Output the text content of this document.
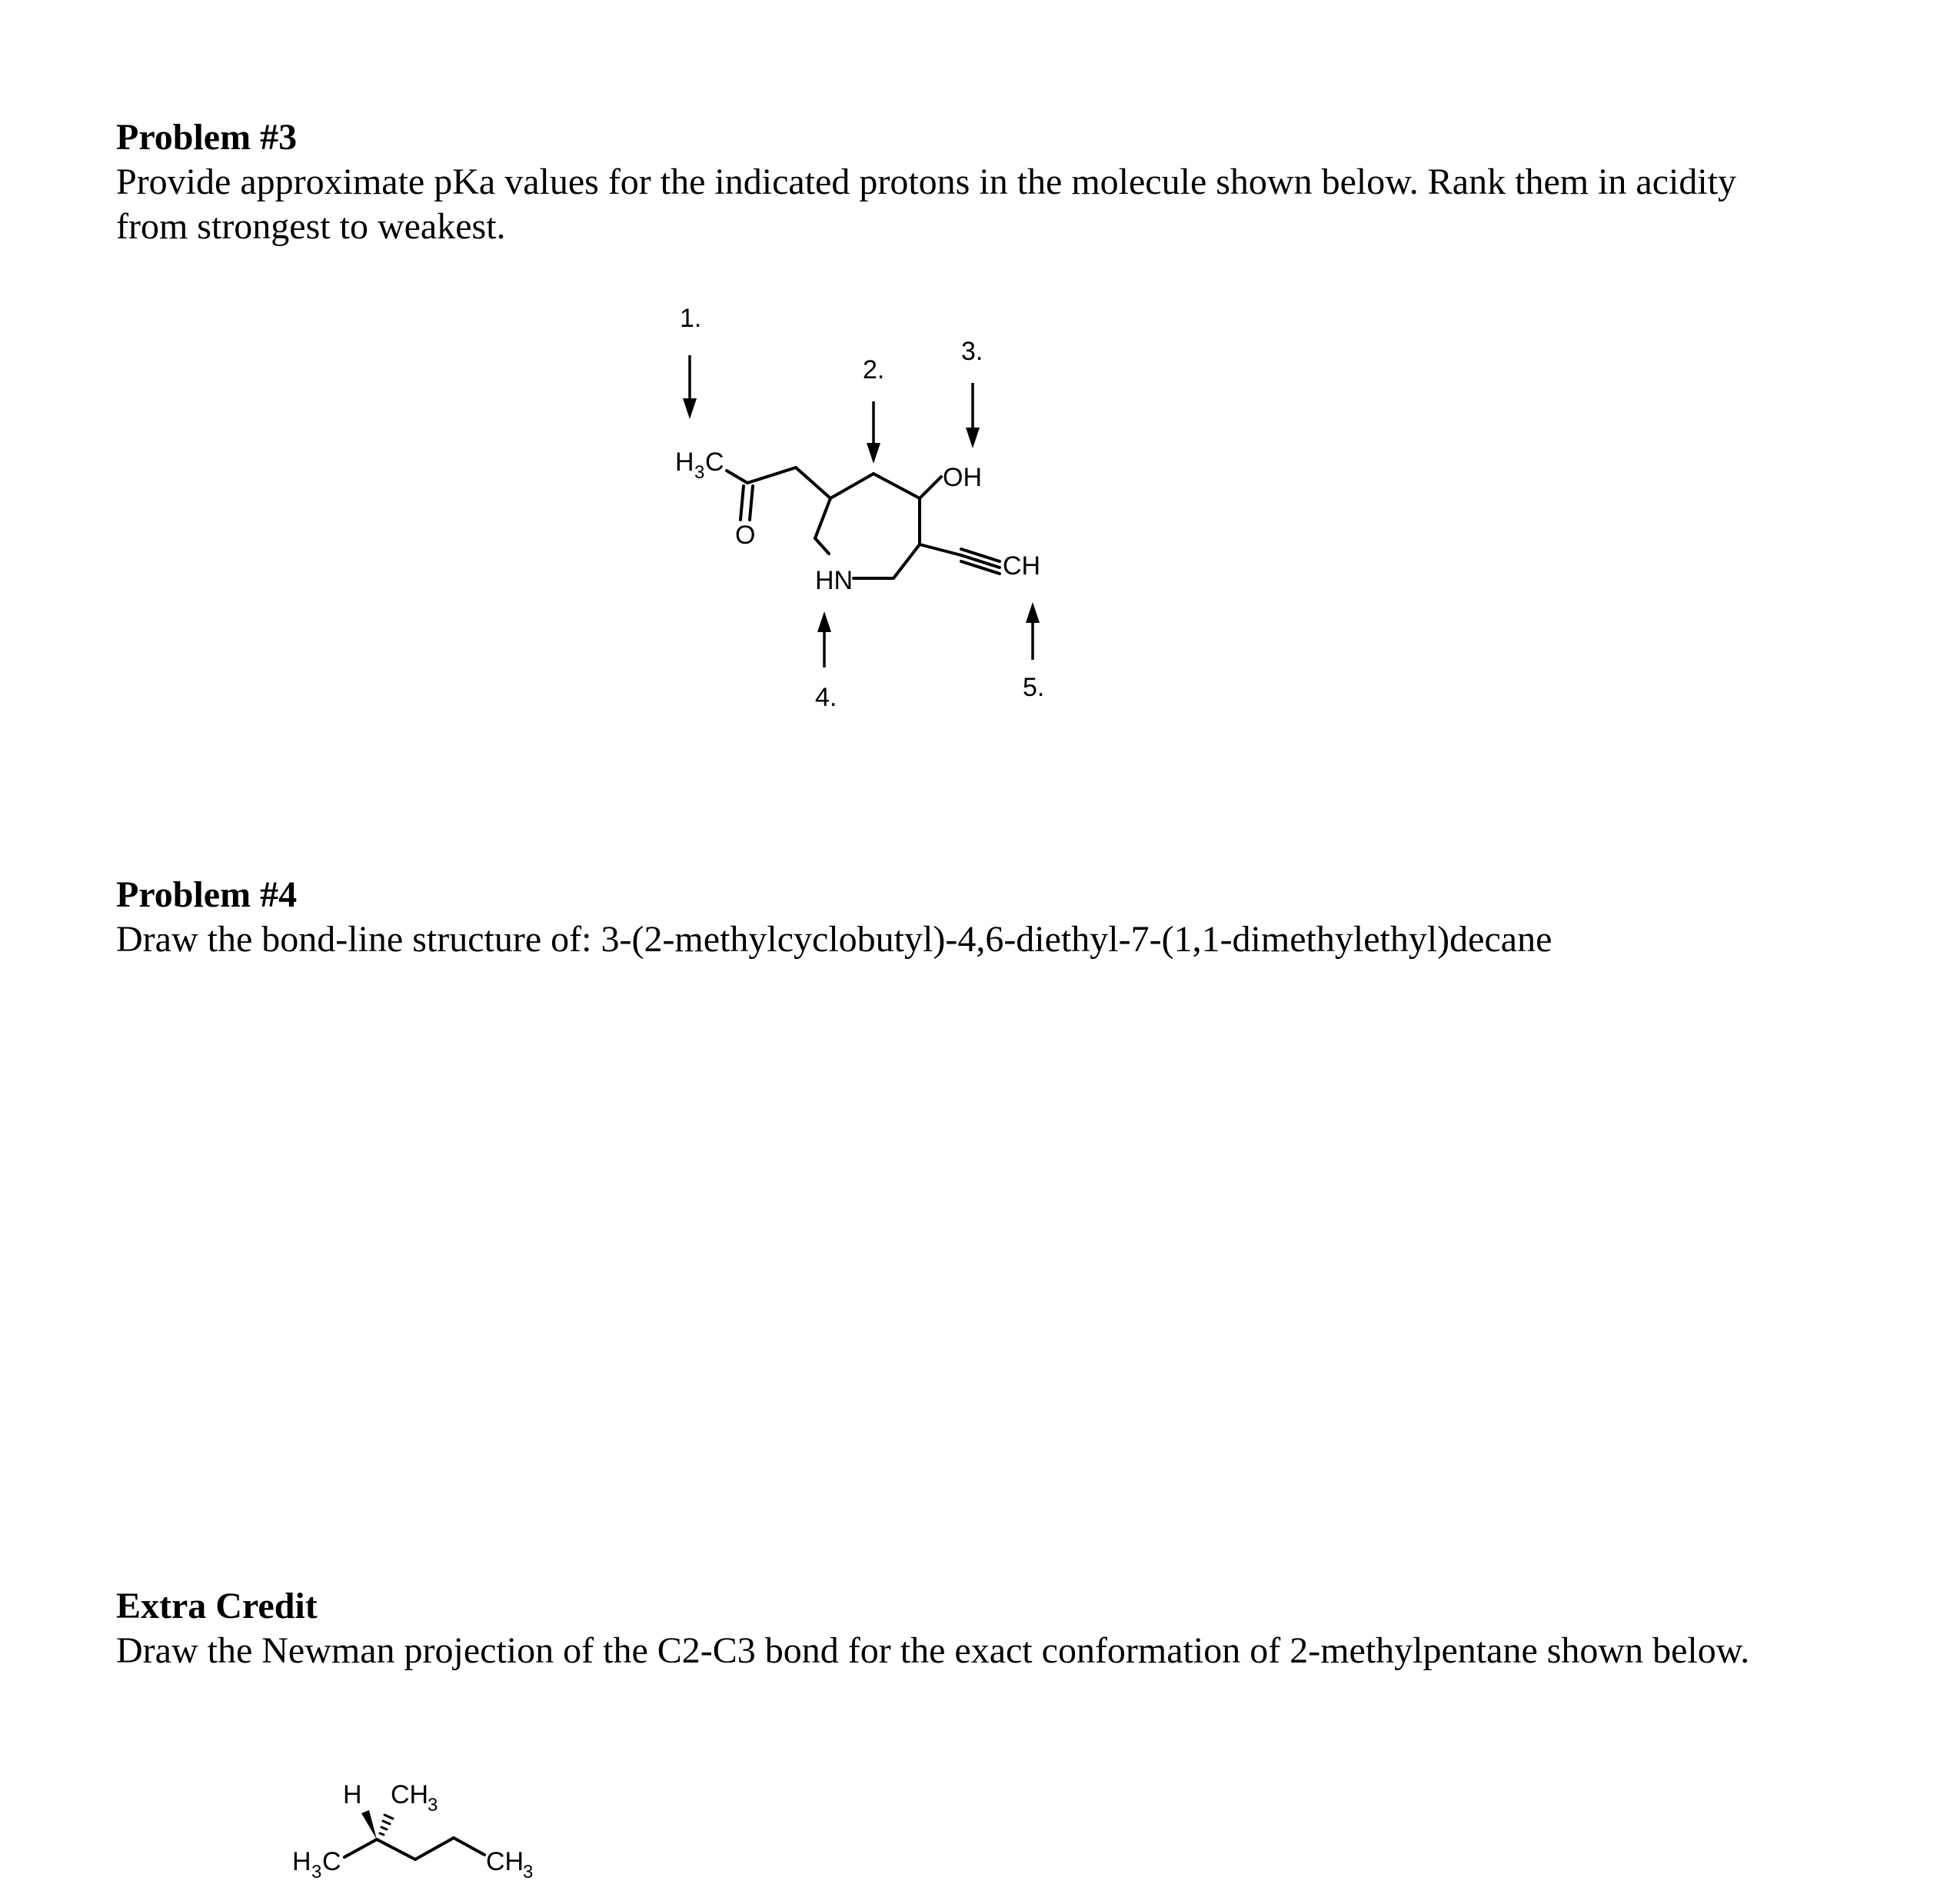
Problem #3

Provide approximate pKa values for the indicated protons in the molecule shown below. Rank them in acidity

from strongest to weakest.

1.
2.
3.
4.	5.
H 3 C
O
HN
OH
CH

Problem #4

Draw the bond-line structure of: 3-(2-methylcyclobutyl)-4,6-diethyl-7-(1,1-dimethylethyl)decane

Extra Credit

Draw the Newman projection of the C2-C3 bond for the exact conformation of 2-methylpentane shown below.

H CH
3
H 3 C	CH
3
